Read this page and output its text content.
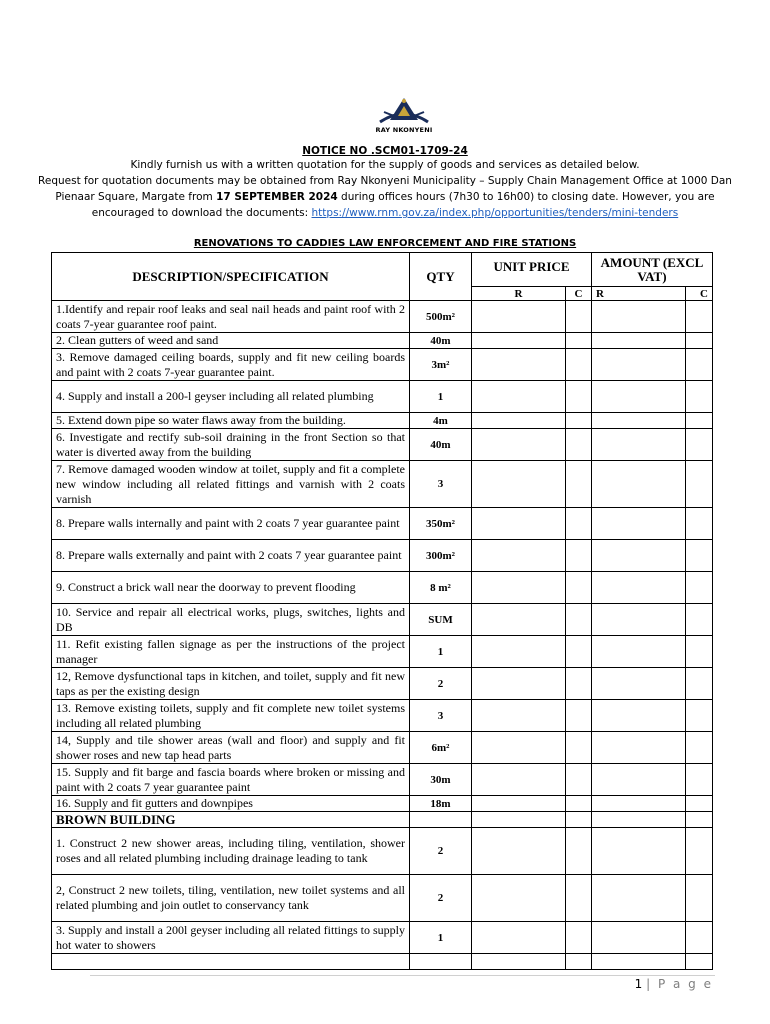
RAY NKONYENI
NOTICE NO .SCM01-1709-24
Kindly furnish us with a written quotation for the supply of goods and services as detailed below.
Request for quotation documents may be obtained from Ray Nkonyeni Municipality – Supply Chain Management Office at 1000 Dan
Pienaar Square, Margate from 17 SEPTEMBER 2024 during offices hours (7h30 to 16h00) to closing date. However, you are
encouraged to download the documents: https://www.rnm.gov.za/index.php/opportunities/tenders/mini-tenders
RENOVATIONS TO CADDIES LAW ENFORCEMENT AND FIRE STATIONS
DESCRIPTION/SPECIFICATION	QTY	UNIT PRICE		AMOUNT (EXCL VAT)	
		R	C	R	C
1.Identify and repair roof leaks and seal nail heads and paint roof with 2 coats 7-year guarantee roof paint.	500m²				
2. Clean gutters of weed and sand	40m				
3. Remove damaged ceiling boards, supply and fit new ceiling boards and paint with 2 coats 7-year guarantee paint.	3m²				
4. Supply and install a 200-l geyser including all related plumbing	1				
5. Extend down pipe so water flaws away from the building.	4m				
6. Investigate and rectify sub-soil draining in the front Section so that water is diverted away from the building	40m				
7. Remove damaged wooden window at toilet, supply and fit a complete new window including all related fittings and varnish with 2 coats varnish	3				
8. Prepare walls internally and paint with 2 coats 7 year guarantee paint	350m²				
8. Prepare walls externally and paint with 2 coats 7 year guarantee paint	300m²				
9. Construct a brick wall near the doorway to prevent flooding	8 m²				
10. Service and repair all electrical works, plugs, switches, lights and DB	SUM				
11. Refit existing fallen signage as per the instructions of the project manager	1				
12, Remove dysfunctional taps in kitchen, and toilet, supply and fit new taps as per the existing design	2				
13. Remove existing toilets, supply and fit complete new toilet systems including all related plumbing	3				
14, Supply and tile shower areas (wall and floor) and supply and fit shower roses and new tap head parts	6m²				
15. Supply and fit barge and fascia boards where broken or missing and paint with 2 coats 7 year guarantee paint	30m				
16. Supply and fit gutters and downpipes	18m				
BROWN BUILDING					
1. Construct 2 new shower areas, including tiling, ventilation, shower roses and all related plumbing including drainage leading to tank	2				
2, Construct 2 new toilets, tiling, ventilation, new toilet systems and all related plumbing and join outlet to conservancy tank	2				
3. Supply and install a 200l geyser including all related fittings to supply hot water to showers	1				

1 | P a g e
